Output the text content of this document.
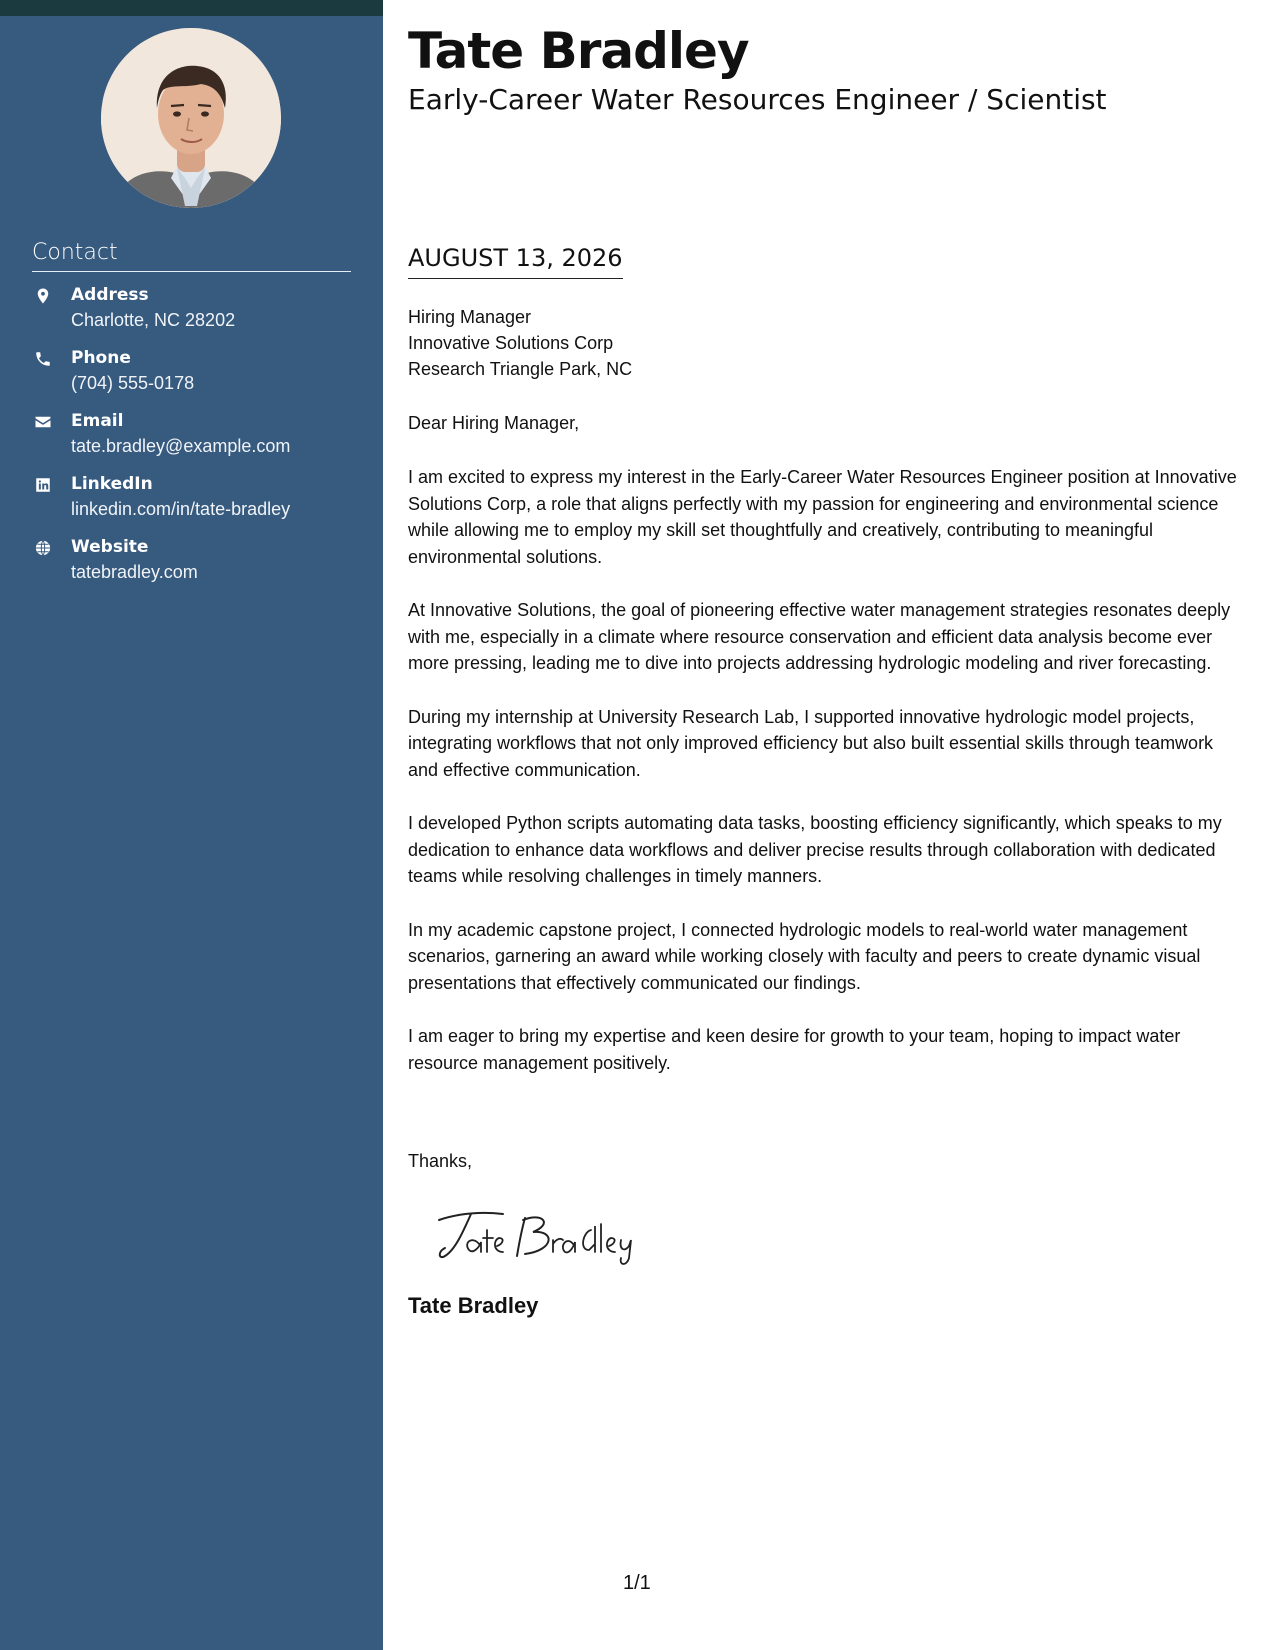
Contact
Address
Charlotte, NC 28202
Phone
(704) 555-0178
Email
tate.bradley@example.com
LinkedIn
linkedin.com/in/tate-bradley
Website
tatebradley.com
Tate Bradley
Early-Career Water Resources Engineer / Scientist
AUGUST 13, 2026
Hiring Manager
Innovative Solutions Corp
Research Triangle Park, NC
Dear Hiring Manager,

I am excited to express my interest in the Early-Career Water Resources Engineer position at Innovative Solutions Corp, a role that aligns perfectly with my passion for engineering and environmental science while allowing me to employ my skill set thoughtfully and creatively, contributing to meaningful environmental solutions.

At Innovative Solutions, the goal of pioneering effective water management strategies resonates deeply with me, especially in a climate where resource conservation and efficient data analysis become ever more pressing, leading me to dive into projects addressing hydrologic modeling and river forecasting.

During my internship at University Research Lab, I supported innovative hydrologic model projects, integrating workflows that not only improved efficiency but also built essential skills through teamwork and effective communication.

I developed Python scripts automating data tasks, boosting efficiency significantly, which speaks to my dedication to enhance data workflows and deliver precise results through collaboration with dedicated teams while resolving challenges in timely manners.

In my academic capstone project, I connected hydrologic models to real-world water management scenarios, garnering an award while working closely with faculty and peers to create dynamic visual presentations that effectively communicated our findings.

I am eager to bring my expertise and keen desire for growth to your team, hoping to impact water resource management positively.

Thanks,
Tate Bradley
1/1
